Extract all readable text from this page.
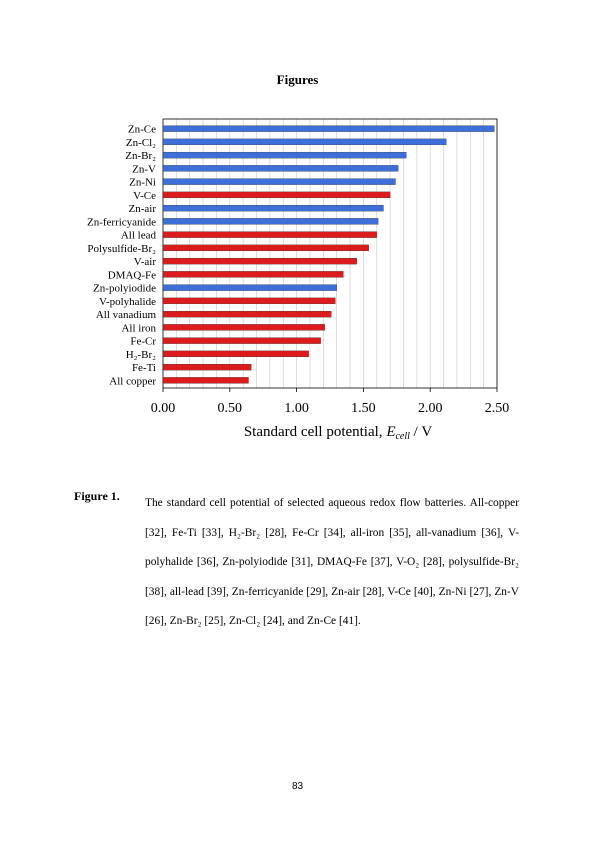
Figures
Zn-Ce
Zn-Cl₂
Zn-Br₂
Zn-V
Zn-Ni
V-Ce
Zn-air
Zn-ferricyanide
All lead
Polysulfide-Br₂
V-air
DMAQ-Fe
Zn-polyiodide
V-polyhalide
All vanadium
All iron
Fe-Cr
H₂-Br₂
Fe-Ti
All copper
0.00	0.50	1.00	1.50	2.00	2.50
Standard cell potential, $E_{cell}$ / V
Figure 1. The standard cell potential of selected aqueous redox flow batteries. All-copper [32], Fe-Ti [33], H₂-Br₂ [28], Fe-Cr [34], all-iron [35], all-vanadium [36], V-polyhalide [36], Zn-polyiodide [31], DMAQ-Fe [37], V-O₂ [28], polysulfide-Br₂ [38], all-lead [39], Zn-ferricyanide [29], Zn-air [28], V-Ce [40], Zn-Ni [27], Zn-V [26], Zn-Br₂ [25], Zn-Cl₂ [24], and Zn-Ce [41].
83
